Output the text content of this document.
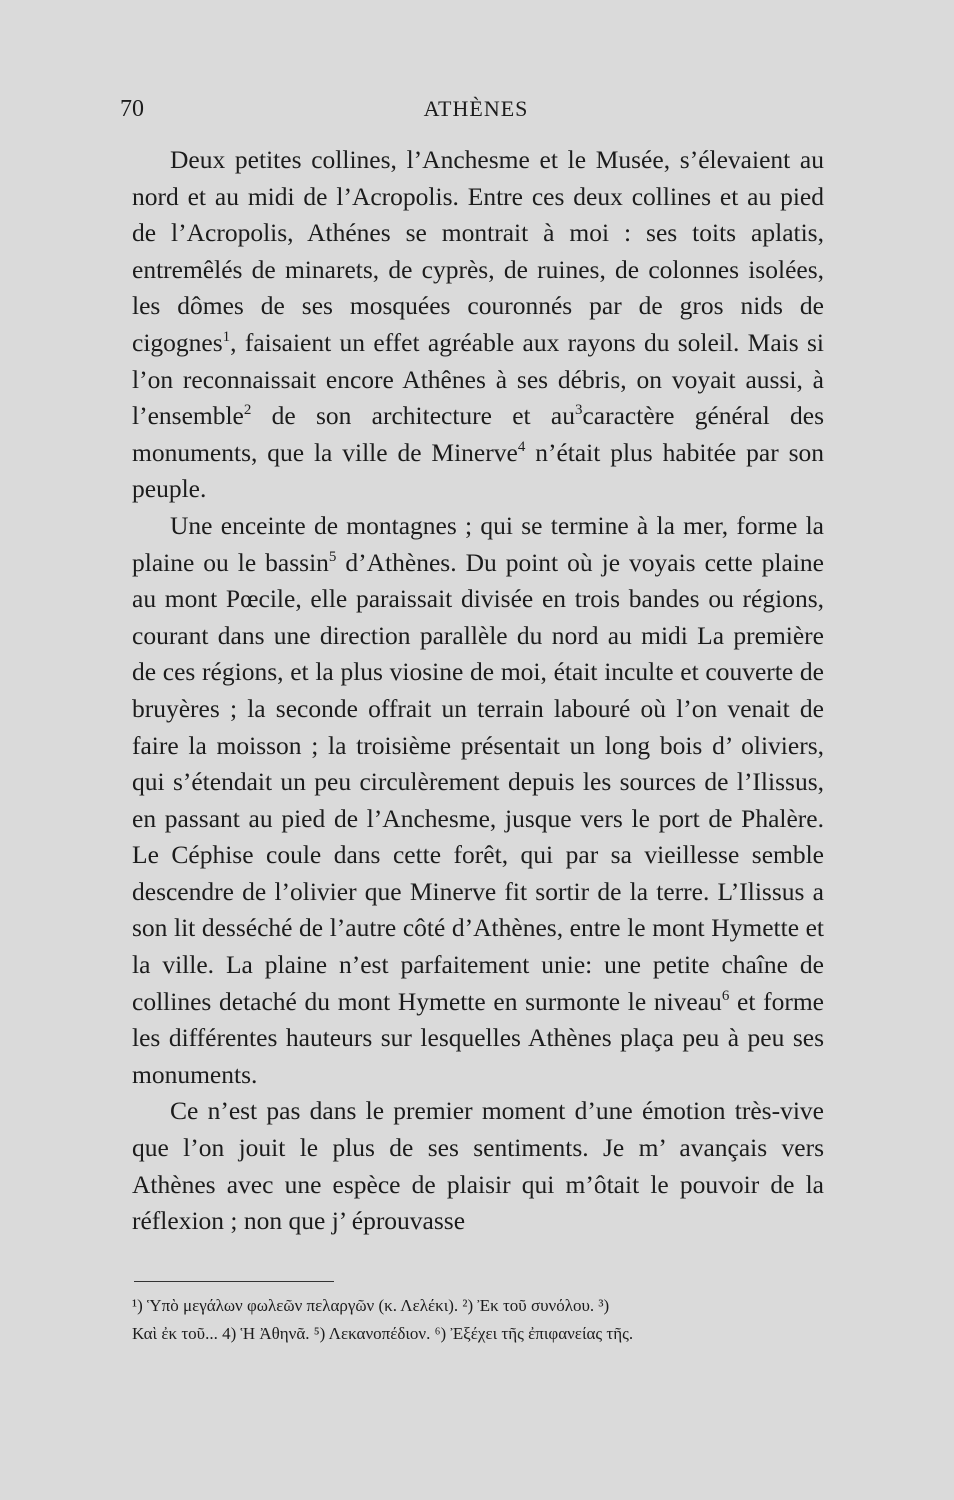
70	ATHÈNES

Deux petites collines, l’Anchesme et le Musée, s’élevaient au nord et au midi de l’Acropolis. Entre ces deux collines et au pied de l’Acropolis, Athénes se montrait à moi : ses toits aplatis, entremêlés de minarets, de cyprès, de ruines, de colonnes isolées, les dômes de ses mosquées couronnés par de gros nids de cigognes$^1$, faisaient un effet agréable aux rayons du soleil. Mais si l’on reconnaissait encore Athênes à ses débris, on voyait aussi, à l’ensemble$^2$ de son architecture et $au^3caractère$ général des monuments, que la ville de Minerve$^4$ n’était plus habitée par son peuple.

Une enceinte de montagnes ; qui se termine à la mer, forme la plaine ou le bassin$^5$ d’Athènes. Du point où je voyais cette plaine au mont Pœcile, elle paraissait divisée en trois bandes ou régions, courant dans une direction parallèle du nord au midi La première de ces régions, et la plus viosine de moi, était inculte et couverte de bruyères ; la seconde offrait un terrain labouré où l’on venait de faire la moisson ; la troisième présentait un long bois d’ oliviers, qui s’étendait un peu circulèrement depuis les sources de l’Ilissus, en passant au pied de l’Anchesme, jusque vers le port de Phalère. Le Céphise coule dans cette forêt, qui par sa vieillesse semble descendre de l’olivier que Minerve fit sortir de la terre. L’Ilissus a son lit desséché de l’autre côté d’Athènes, entre le mont Hymette et la ville. La plaine n’est parfaitement unie: une petite chaîne de collines detaché du mont Hymette en surmonte le niveau$^6$ et forme les différentes hauteurs sur lesquelles Athènes plaça peu à peu ses monuments.

Ce n’est pas dans le premier moment d’une émotion très-vive que l’on jouit le plus de ses sentiments. Je m’ avançais vers Athènes avec une espèce de plaisir qui m’ôtait le pouvoir de la réflexion ; non que j’ éprouvasse

¹) Ὑπὸ μεγάλων φωλεῶν πελαργῶν (κ. Λελέκι). ²) Ἐκ τοῦ συνόλου. ³)

Καὶ ἐκ τοῦ... 4) Ἡ Ἀθηνᾶ. ⁵) Λεκανοπέδιον. ⁶) Ἐξέχει τῆς ἐπιφανείας τῆς.
